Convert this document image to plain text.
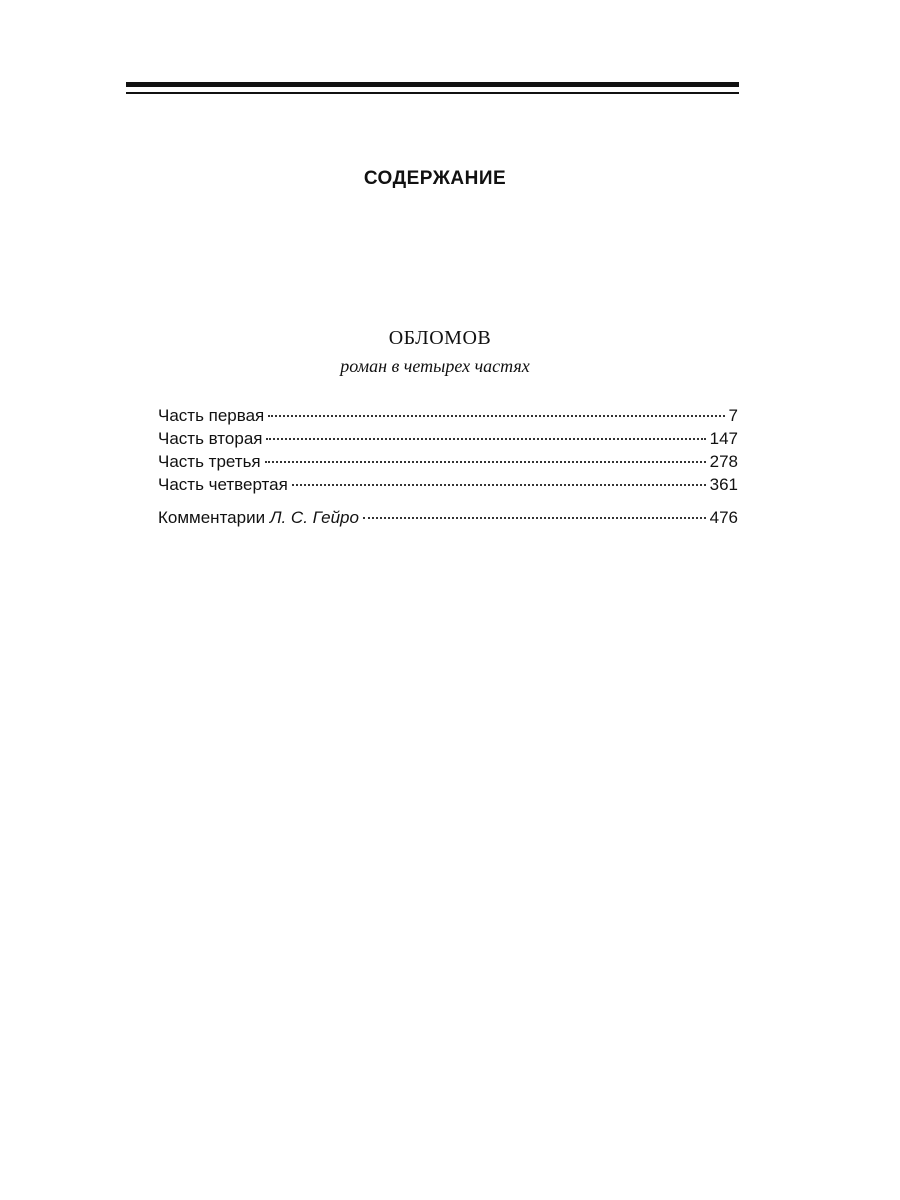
СОДЕРЖАНИЕ
ОБЛОМОВ
роман в четырех частях
Часть первая	7
Часть вторая	147
Часть третья	278
Часть четвертая	361
Комментарии Л. С. Гейро	476
